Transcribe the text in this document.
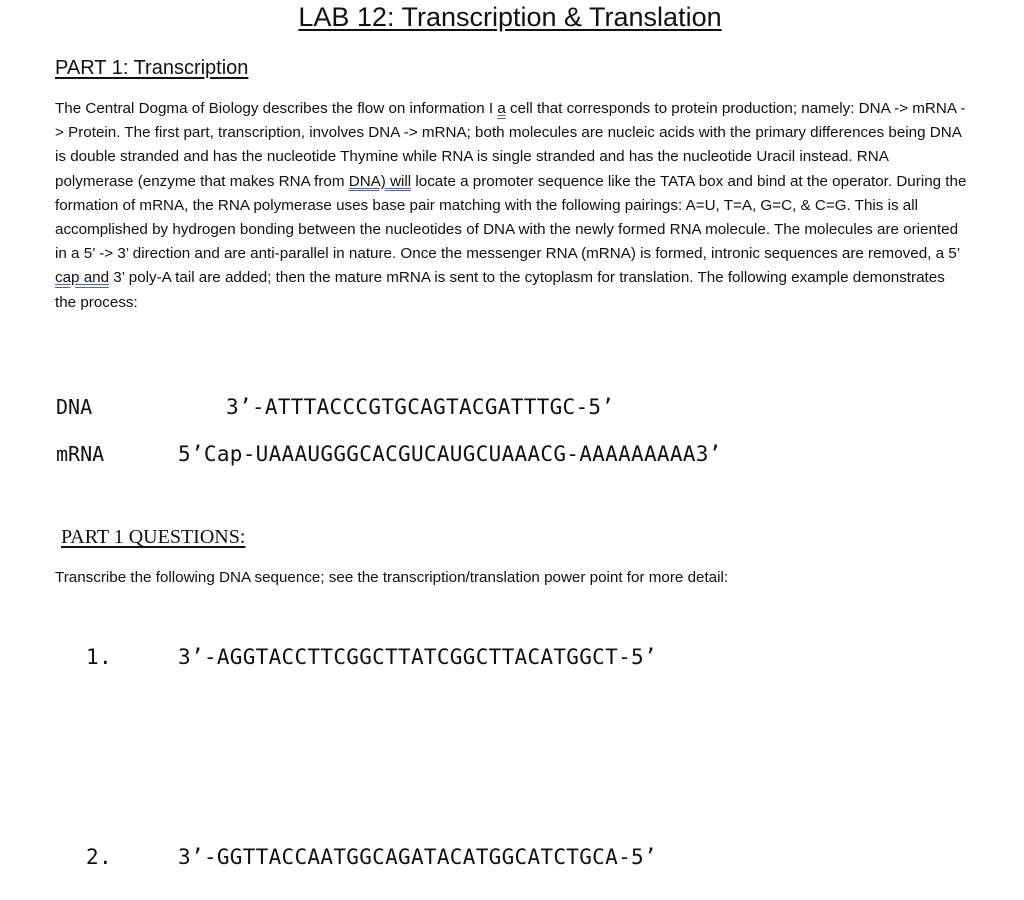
LAB 12: Transcription & Translation
PART 1: Transcription

The Central Dogma of Biology describes the flow on information I a cell that corresponds to protein production; namely: DNA -> mRNA -> Protein. The first part, transcription, involves DNA -> mRNA; both molecules are nucleic acids with the primary differences being DNA is double stranded and has the nucleotide Thymine while RNA is single stranded and has the nucleotide Uracil instead. RNA polymerase (enzyme that makes RNA from DNA) will locate a promoter sequence like the TATA box and bind at the operator. During the formation of mRNA, the RNA polymerase uses base pair matching with the following pairings: A=U, T=A, G=C, & C=G. This is all accomplished by hydrogen bonding between the nucleotides of DNA with the newly formed RNA molecule. The molecules are oriented in a 5’ -> 3’ direction and are anti-parallel in nature. Once the messenger RNA (mRNA) is formed, intronic sequences are removed, a 5’ cap and 3’ poly-A tail are added; then the mature mRNA is sent to the cytoplasm for translation. The following example demonstrates the process:

DNA	3’-ATTTACCCGTGCAGTACGATTTGC-5’
mRNA	5’Cap-UAAAUGGGCACGUCAUGCUAAACG-AAAAAAAAA3’
PART 1 QUESTIONS:
Transcribe the following DNA sequence; see the transcription/translation power point for more detail:
1.	3’-AGGTACCTTCGGCTTATCGGCTTACATGGCT-5’
2.	3’-GGTTACCAATGGCAGATACATGGCATCTGCA-5’
